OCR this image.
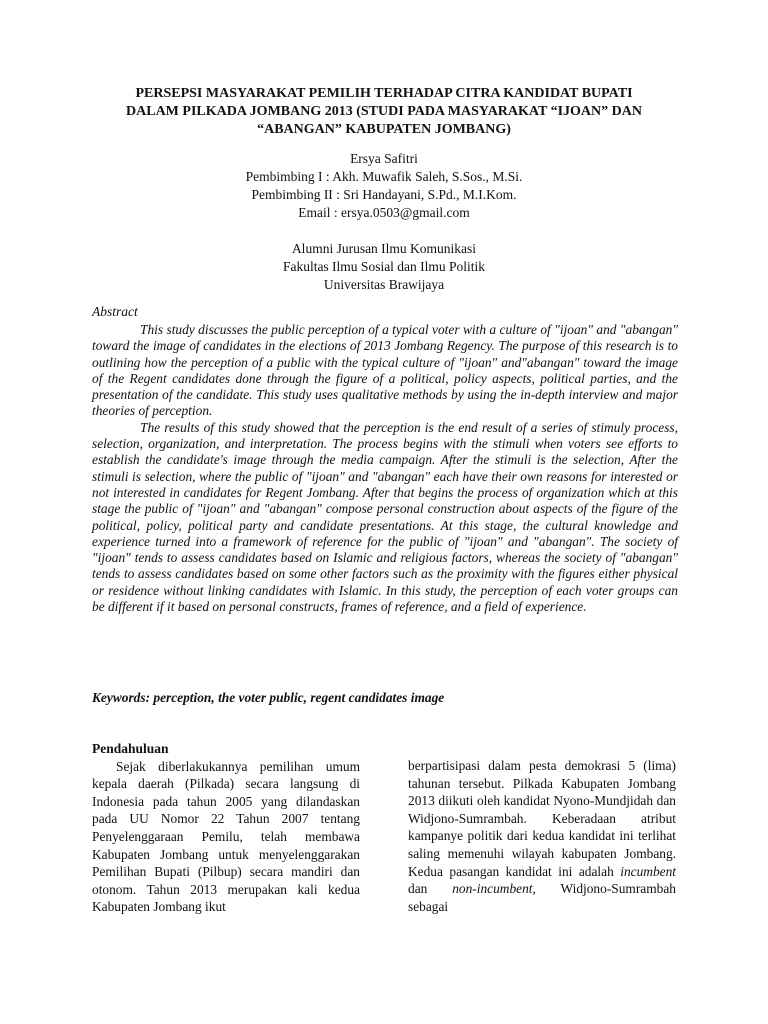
PERSEPSI MASYARAKAT PEMILIH TERHADAP CITRA KANDIDAT BUPATI
DALAM PILKADA JOMBANG 2013 (STUDI PADA MASYARAKAT “IJOAN” DAN
“ABANGAN” KABUPATEN JOMBANG)
Ersya Safitri
Pembimbing I : Akh. Muwafik Saleh, S.Sos., M.Si.
Pembimbing II : Sri Handayani, S.Pd., M.I.Kom.
Email : ersya.0503@gmail.com
Alumni Jurusan Ilmu Komunikasi
Fakultas Ilmu Sosial dan Ilmu Politik
Universitas Brawijaya
Abstract

This study discusses the public perception of a typical voter with a culture of "ijoan" and "abangan" toward the image of candidates in the elections of 2013 Jombang Regency. The purpose of this research is to outlining how the perception of a public with the typical culture of "ijoan" and"abangan" toward the image of the Regent candidates done through the figure of a political, policy aspects, political parties, and the presentation of the candidate. This study uses qualitative methods by using the in-depth interview and major theories of perception.

The results of this study showed that the perception is the end result of a series of stimuly process, selection, organization, and interpretation. The process begins with the stimuli when voters see efforts to establish the candidate's image through the media campaign. After the stimuli is the selection, After the stimuli is selection, where the public of "ijoan" and "abangan" each have their own reasons for interested or not interested in candidates for Regent Jombang. After that begins the process of organization which at this stage the public of "ijoan" and "abangan" compose personal construction about aspects of the figure of the political, policy, political party and candidate presentations. At this stage, the cultural knowledge and experience turned into a framework of reference for the public of "ijoan" and "abangan". The society of "ijoan" tends to assess candidates based on Islamic and religious factors, whereas the society of "abangan" tends to assess candidates based on some other factors such as the proximity with the figures either physical or residence without linking candidates with Islamic. In this study, the perception of each voter groups can be different if it based on personal constructs, frames of reference, and a field of experience.

Keywords: perception, the voter public, regent candidates image
Pendahuluan

Sejak diberlakukannya pemilihan umum kepala daerah (Pilkada) secara langsung di Indonesia pada tahun 2005 yang dilandaskan pada UU Nomor 22 Tahun 2007 tentang Penyelenggaraan Pemilu, telah membawa Kabupaten Jombang untuk menyelenggarakan Pemilihan Bupati (Pilbup) secara mandiri dan otonom. Tahun 2013 merupakan kali kedua Kabupaten Jombang ikut

berpartisipasi dalam pesta demokrasi 5 (lima) tahunan tersebut. Pilkada Kabupaten Jombang 2013 diikuti oleh kandidat Nyono-Mundjidah dan Widjono-Sumrambah. Keberadaan atribut kampanye politik dari kedua kandidat ini terlihat saling memenuhi wilayah kabupaten Jombang. Kedua pasangan kandidat ini adalah incumbent dan non-incumbent, Widjono-Sumrambah sebagai
